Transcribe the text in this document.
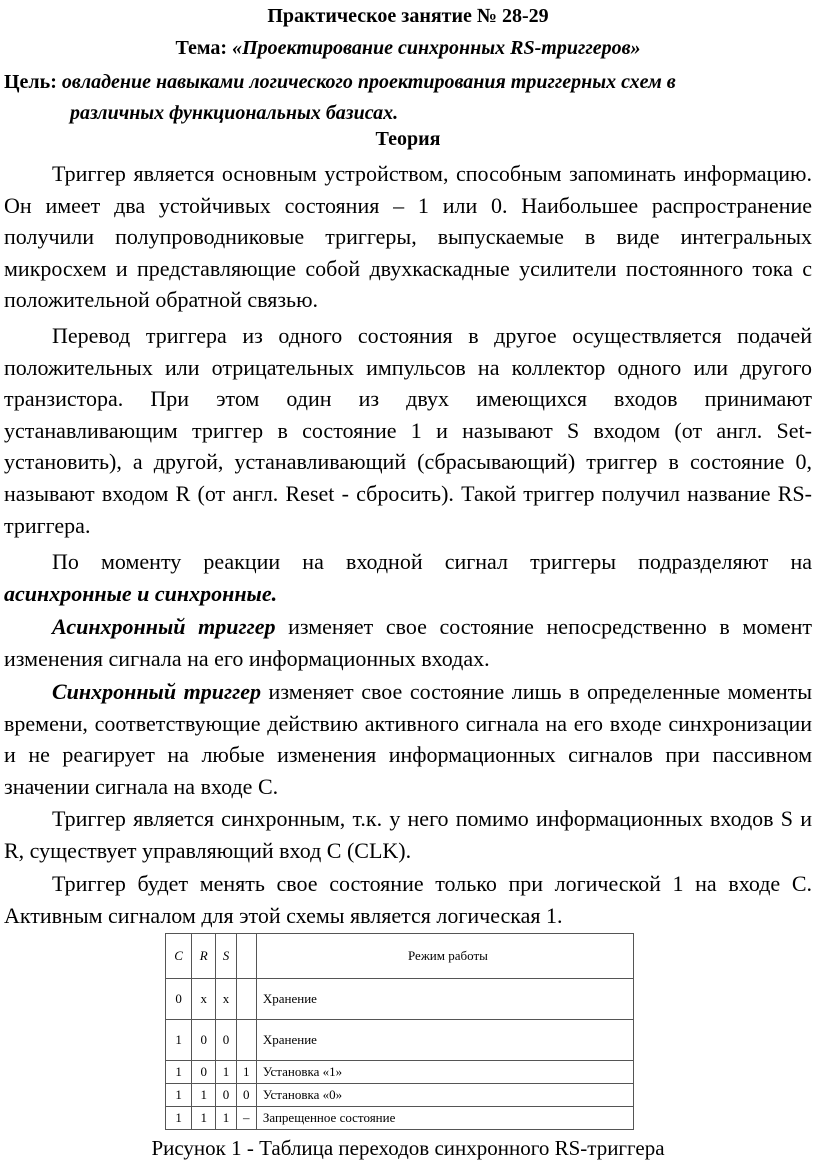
Практическое занятие № 28-29
Тема: «Проектирование синхронных RS-триггеров»
Цель: овладение навыками логического проектирования триггерных схем в
различных функциональных базисах.
Теория

Триггер является основным устройством, способным запоминать информацию. Он имеет два устойчивых состояния – 1 или 0. Наибольшее распространение получили полупроводниковые триггеры, выпускаемые в виде интегральных микросхем и представляющие собой двухкаскадные усилители постоянного тока с положительной обратной связью.

Перевод триггера из одного состояния в другое осуществляется подачей положительных или отрицательных импульсов на коллектор одного или другого транзистора. При этом один из двух имеющихся входов принимают устанавливающим триггер в состояние 1 и называют S входом (от англ. Set- установить), а другой, устанавливающий (сбрасывающий) триггер в состояние 0, называют входом R (от англ. Reset - сбросить). Такой триггер получил название RS-триггера.

По моменту реакции на входной сигнал триггеры подразделяют на асинхронные и синхронные.

Асинхронный триггер изменяет свое состояние непосредственно в момент изменения сигнала на его информационных входах.

Синхронный триггер изменяет свое состояние лишь в определенные моменты времени, соответствующие действию активного сигнала на его входе синхронизации и не реагирует на любые изменения информационных сигналов при пассивном значении сигнала на входе С.

Триггер является синхронным, т.к. у него помимо информационных входов S и R, существует управляющий вход С (CLK).

Триггер будет менять свое состояние только при логической 1 на входе С. Активным сигналом для этой схемы является логическая 1.

C	R	S		Режим работы
0	x	x		Хранение
1	0	0		Хранение
1	0	1	1	Установка «1»
1	1	0	0	Установка «0»
1	1	1	–	Запрещенное состояние
Рисунок 1 - Таблица переходов синхронного RS-триггера
